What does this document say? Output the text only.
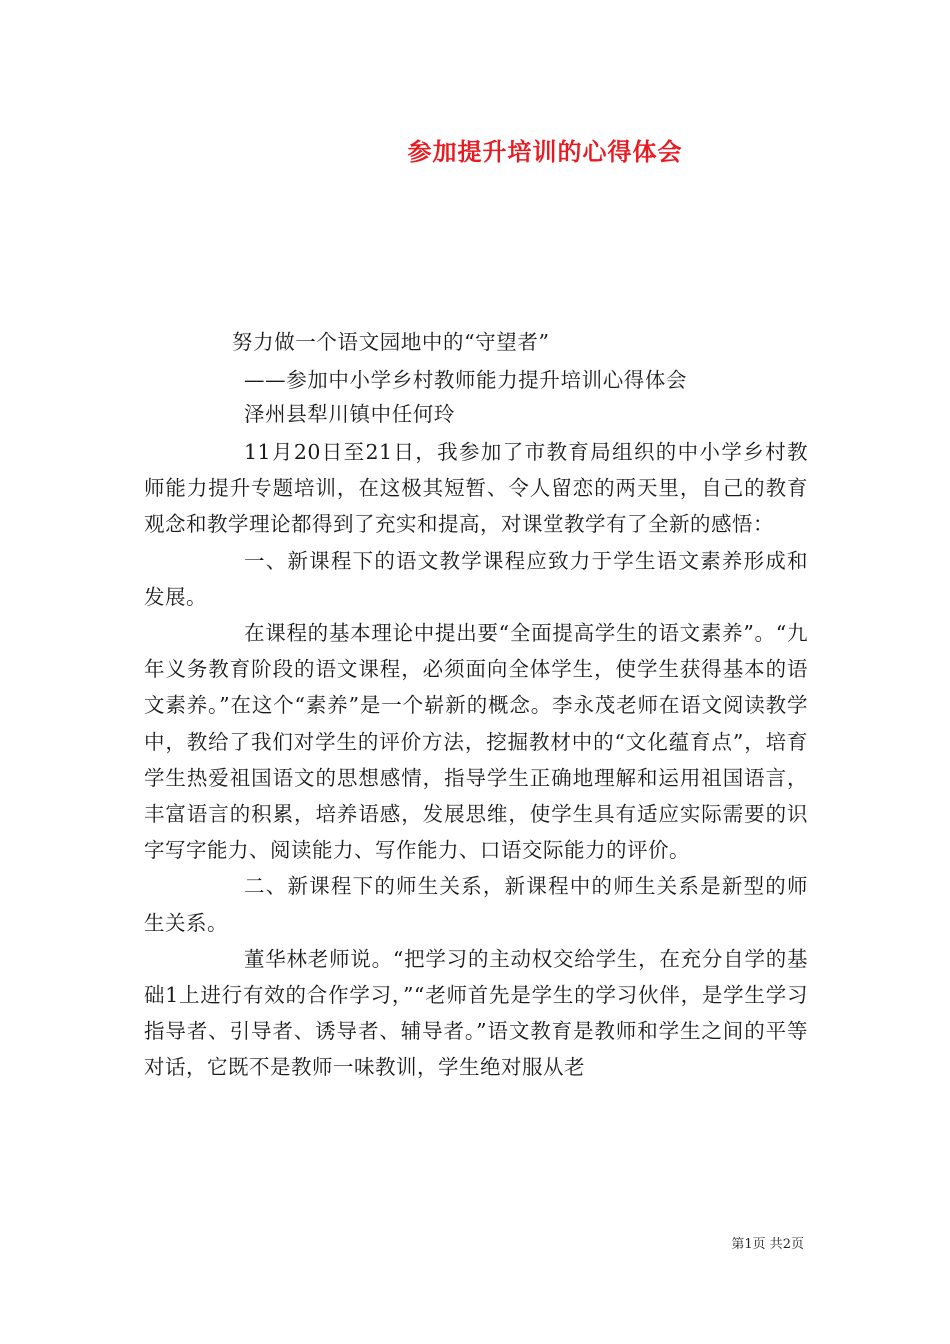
参加提升培训的心得体会
努力做一个语文园地中的“守望者”
——参加中小学乡村教师能力提升培训心得体会
泽州县犁川镇中任何玲

11月20日至21日，我参加了市教育局组织的中小学乡村教师能力提升专题培训，在这极其短暂、令人留恋的两天里，自己的教育观念和教学理论都得到了充实和提高，对课堂教学有了全新的感悟：

一、新课程下的语文教学课程应致力于学生语文素养形成和发展。

在课程的基本理论中提出要“全面提高学生的语文素养”。“九年义务教育阶段的语文课程，必须面向全体学生，使学生获得基本的语文素养。”在这个“素养”是一个崭新的概念。李永茂老师在语文阅读教学中，教给了我们对学生的评价方法，挖掘教材中的“文化蕴育点”，培育学生热爱祖国语文的思想感情，指导学生正确地理解和运用祖国语言，丰富语言的积累，培养语感，发展思维，使学生具有适应实际需要的识字写字能力、阅读能力、写作能力、口语交际能力的评价。

二、新课程下的师生关系，新课程中的师生关系是新型的师生关系。

董华林老师说。“把学习的主动权交给学生，在充分自学的基础1上进行有效的合作学习，”“老师首先是学生的学习伙伴，是学生学习指导者、引导者、诱导者、辅导者。”语文教育是教师和学生之间的平等对话，它既不是教师一味教训，学生绝对服从老

第1页 共2页
